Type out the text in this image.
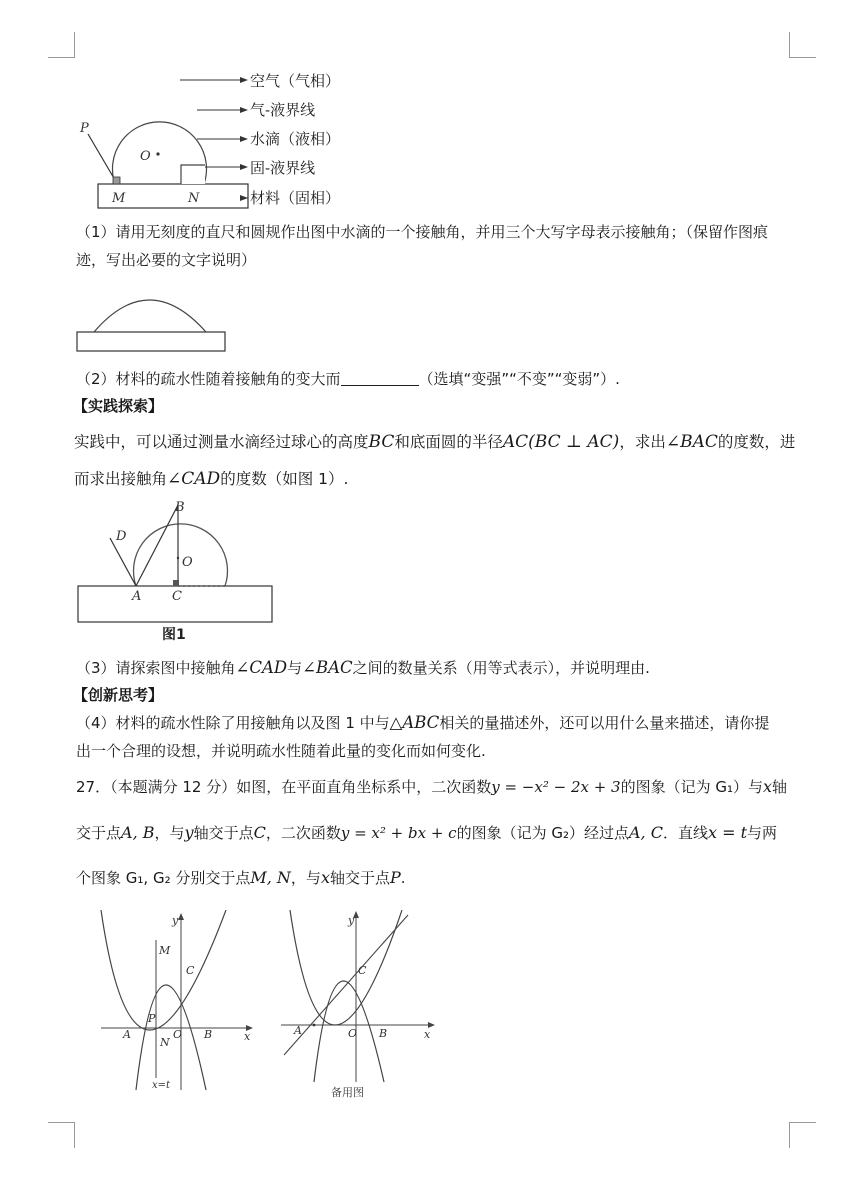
P
O
M	N
空气（气相）
气-液界线
水滴（液相）
固-液界线
材料（固相）
（1）请用无刻度的直尺和圆规作出图中水滴的一个接触角，并用三个大写字母表示接触角；（保留作图痕
迹，写出必要的文字说明）
（2）材料的疏水性随着接触角的变大而	（选填“变强”“不变”“变弱”）.
【实践探索】
实践中，可以通过测量水滴经过球心的高度BC和底面圆的半径AC(BC ⊥ AC)，求出∠BAC的度数，进
而求出接触角∠CAD的度数（如图 1）.
B
D
O
A C
图1
（3）请探索图中接触角∠CAD与∠BAC之间的数量关系（用等式表示），并说明理由.
【创新思考】
（4）材料的疏水性除了用接触角以及图 1 中与△ABC相关的量描述外，还可以用什么量来描述，请你提
出一个合理的设想，并说明疏水性随着此量的变化而如何变化.
27．（本题满分 12 分）如图，在平面直角坐标系中，二次函数y = −x² − 2x + 3的图象（记为 G₁）与x轴
交于点A, B，与y轴交于点C，二次函数y = x² + bx + c的图象（记为 G₂）经过点A, C．直线x = t与两
个图象 G₁, G₂ 分别交于点M, N，与x轴交于点P.
y
x
M
C
P
A	O B
N
x=t
y
x
C
A	O B
备用图
